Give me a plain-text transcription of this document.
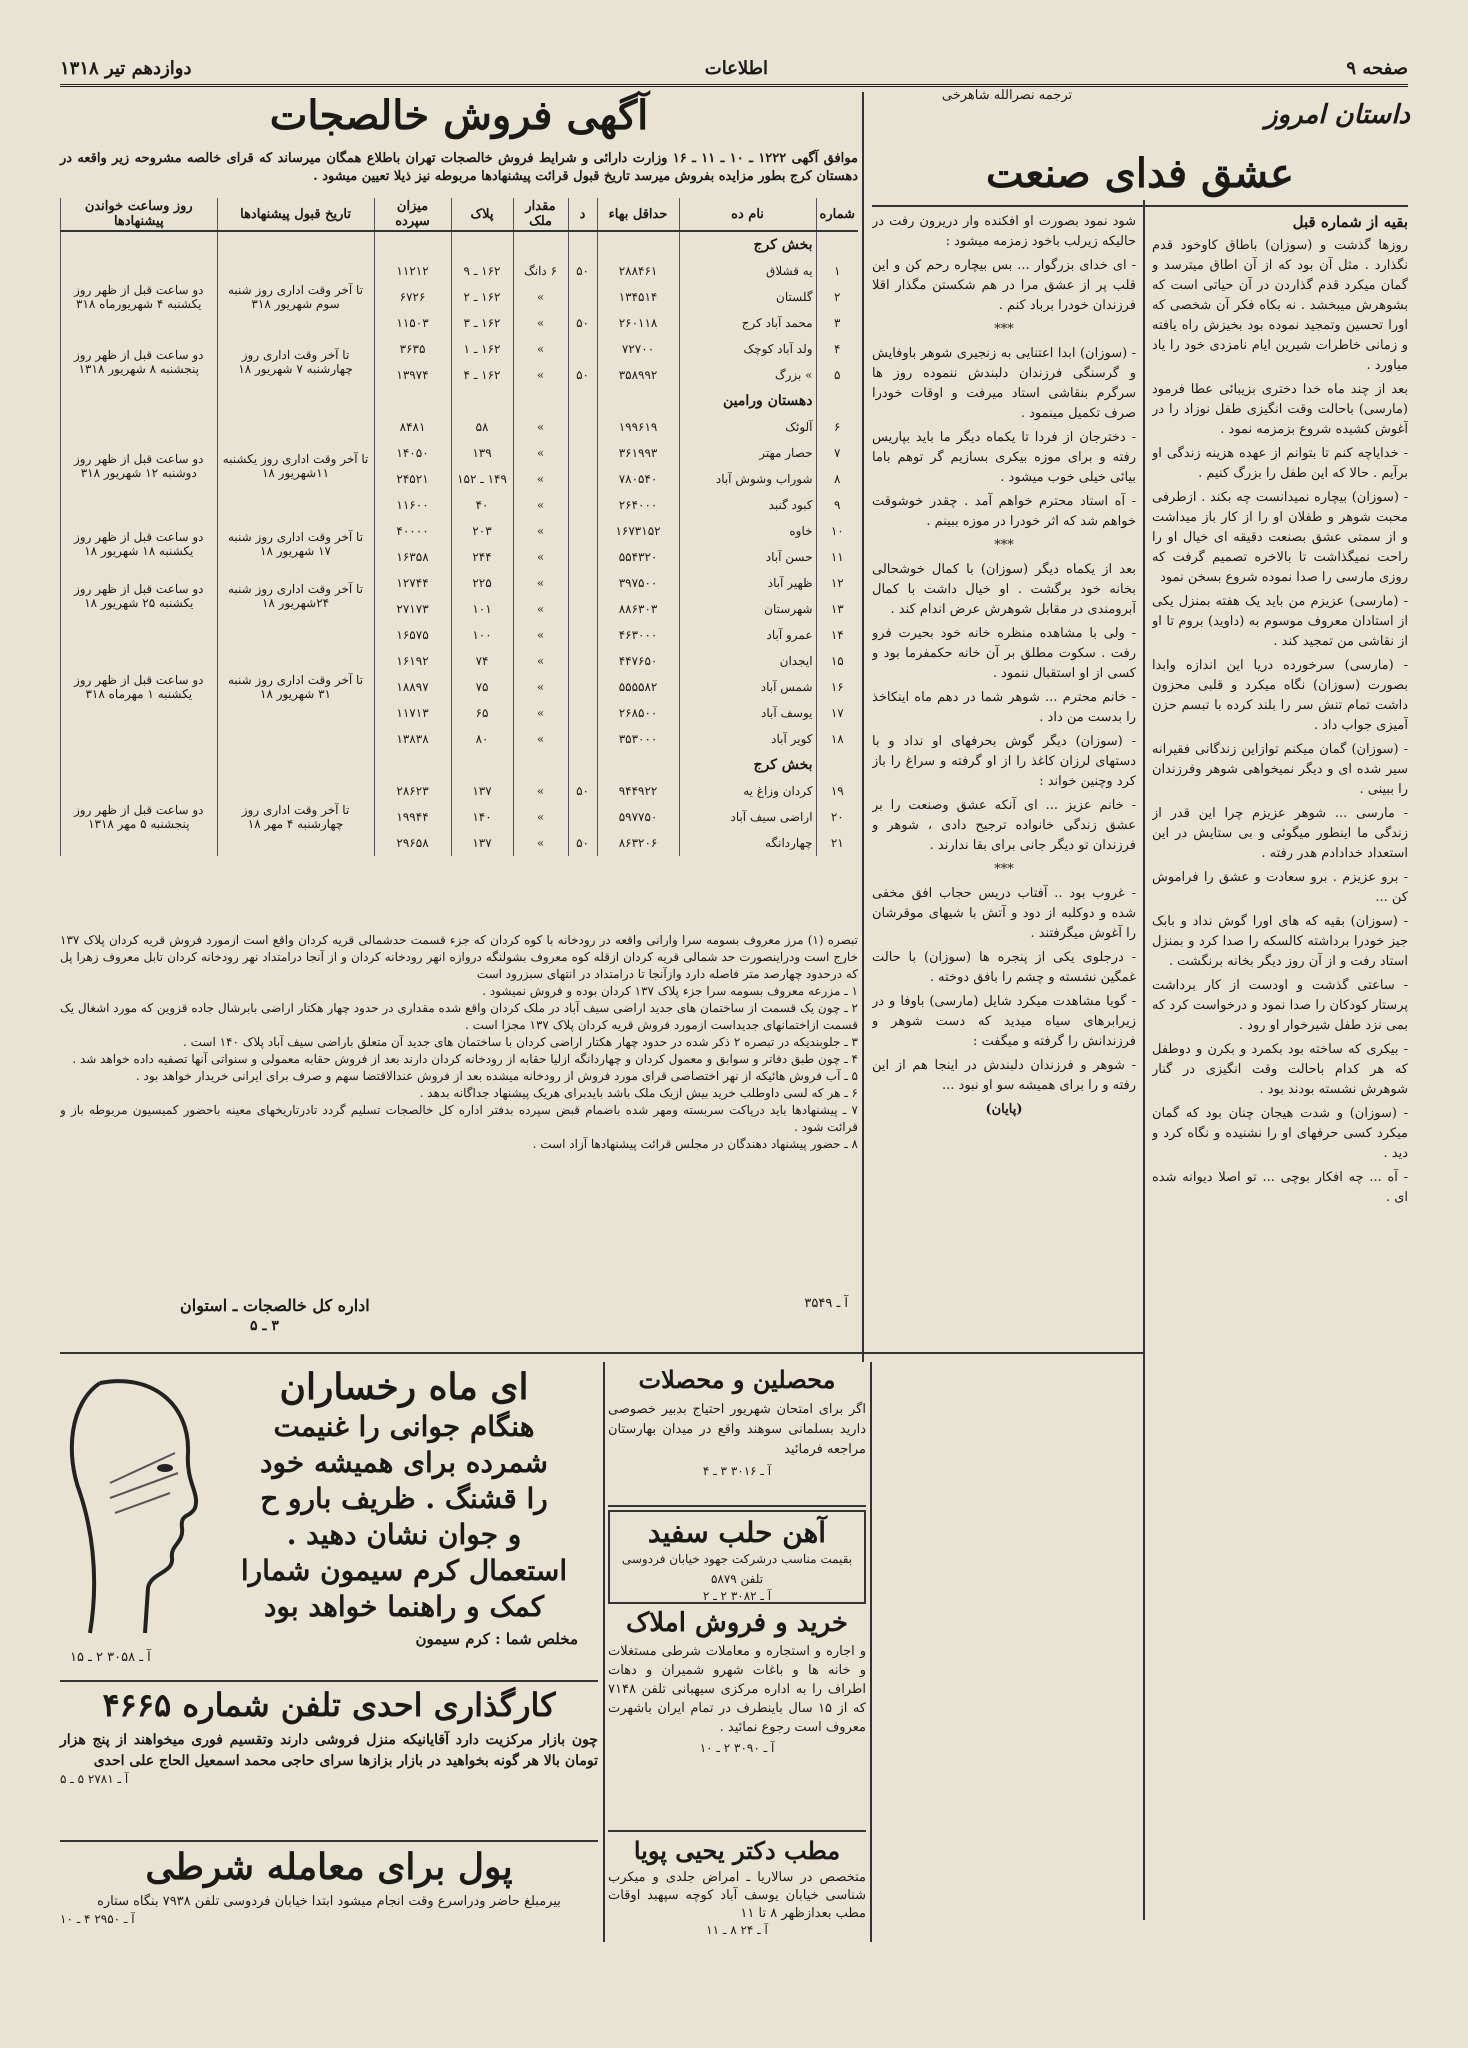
صفحه ۹
اطلاعات
دوازدهم تیر ۱۳۱۸
داستان امروز
ترجمه نصرالله شاهرخی
عشق فدای صنعت

بقیه از شماره قبل

روزها گذشت و (سوزان) باطاق کاوخود قدم نگذارد . مثل آن بود که از آن اطاق میترسد و گمان میکرد قدم گذاردن در آن حیاتی است که بشوهرش میبخشد . نه بکاه فکر آن شخصی که اورا تحسین وتمجید نموده بود بخیزش راه یافته و زمانی خاطرات شیرین ایام نامزدی خود را یاد میاورد .

بعد از چند ماه خدا دختری بزیبائی عطا فرمود (مارسی) باحالت وقت انگیزی طفل نوزاد را در آغوش کشیده شروع بزمزمه نمود .

- خدایاچه کنم تا بتوانم از عهده هزینه زندگی او برآیم . حالا که این طفل را بزرگ کنیم .

- (سوزان) بیچاره نمیدانست چه بکند . ازطرفی محبت شوهر و طفلان او را از کار باز میداشت و از سمتی عشق بصنعت دقیقه ای خیال او را راحت نمیگذاشت تا بالاخره تصمیم گرفت که روزی مارسی را صدا نموده شروع بسخن نمود

- (مارسی) عزیزم من باید یک هفته بمنزل یکی از استادان معروف موسوم به (داوید) بروم تا او از نقاشی من تمجید کند .

- (مارسی) سرخورده دریا این اندازه وابدا بصورت (سوزان) نگاه میکرد و قلبی محزون داشت تمام تنش سر را بلند کرده با تبسم حزن آمیزی جواب داد .

- (سوزان) گمان میکنم توازاین زندگانی فقیرانه سیر شده ای و دیگر نمیخواهی شوهر وفرزندان را ببینی .

- مارسی ... شوهر عزیزم چرا این قدر از زندگی ما اینطور میگوئی و بی ستایش در این استعداد خدادادم هدر رفته .

- برو عزیزم . برو سعادت و عشق را فراموش کن ...

- (سوزان) بقیه که های اورا گوش نداد و بابک جیز خودرا برداشته کالسکه را صدا کرد و بمنزل استاد رفت و از آن روز دیگر بخانه برنگشت .

- ساعتی گذشت و اودست از کار برداشت پرستار کودکان را صدا نمود و درخواست کرد که بمی نزد طفل شیرخوار او رود .

- بیکری که ساخته بود بکمرد و بکرن و دوطفل که هر کدام باحالت وقت انگیزی در گنار شوهرش نشسته بودند بود .

- (سوزان) و شدت هیجان چنان بود که گمان میکرد کسی حرفهای او را نشنیده و نگاه کرد و دید .

- آه ... چه افکار بوچی ... تو اصلا دیوانه شده ای .

شود نمود بصورت او افکنده وار دریرون رفت در حالیکه زیرلب باخود زمزمه میشود :

- ای خدای بزرگوار ... بس بیچاره رحم کن و این قلب پر از عشق مرا در هم شکستن مگذار اقلا فرزندان خودرا برباد کنم .

***

- (سوزان) ابدا اعتنایی به زنجیری شوهر باوفایش و گرسنگی فرزندان دلبندش ننموده روز ها سرگرم بنقاشی استاد میرفت و اوقات خودرا صرف تکمیل مینمود .

- دخترجان از فردا تا یکماه دیگر ما باید بپاریس رفته و برای موزه بیکری بسازیم گر توهم باما بیائی خیلی خوب میشود .

- آه استاد محترم خواهم آمد . چقدر خوشوقت خواهم شد که اثر خودرا در موزه ببینم .

***

بعد از یکماه دیگر (سوزان) با کمال خوشحالی بخانه خود برگشت . او خیال داشت با کمال آبرومندی در مقابل شوهرش عرض اندام کند .

- ولی با مشاهده منظره خانه خود بحیرت فرو رفت . سکوت مطلق بر آن خانه حکمفرما بود و کسی از او استقبال ننمود .

- خانم محترم ... شوهر شما در دهم ماه اینکاخذ را بدست من داد .

- (سوزان) دیگر گوش بحرفهای او نداد و با دستهای لرزان کاغذ را از او گرفته و سراغ را باز کرد وچنین خواند :

- خانم عزیز ... ای آنکه عشق وصنعت را بر عشق زندگی خانواده ترجیح دادی ، شوهر و فرزندان تو دیگر جانی برای بقا ندارند .

***

- غروب بود .. آفتاب دریس حجاب افق مخفی شده و دوکلبه از دود و آتش با شیهای موقرشان را آغوش میگرفتند .

- درجلوی یکی از پنجره ها (سوزان) با حالت غمگین نشسته و چشم را بافق دوخته .

- گویا مشاهدت میکرد شایل (مارسی) باوفا و در زیرابرهای سیاه میدید که دست شوهر و فرزندانش را گرفته و میگفت :

- شوهر و فرزندان دلبندش در اینجا هم از این رفته و را برای همیشه سو او نبود ...

(پایان)

آگهی فروش خالصجات
موافق آگهی ۱۲۲۲ ـ ۱۰ ـ ۱۱ ـ ۱۶ وزارت دارائی و شرایط فروش خالصجات تهران باطلاع همگان میرساند که قرای خالصه مشروحه زیر واقعه در دهستان کرج بطور مزایده بفروش میرسد تاریخ قبول قرائت پیشنهادها مربوطه نیز ذیلا تعیین میشود .
شماره	نام ده	حداقل بهاء	د	مقدار ملک	پلاک	میزان سپرده	تاریخ قبول پیشنهادها	روز وساعت خواندن پیشنهادها
	بخش کرج							
۱	یه قشلاق	۲۸۸۴۶۱	۵۰	۶ دانگ	۱۶۲ ـ ۹	۱۱۲۱۲	تا آخر وقت اداری روز شنبه سوم شهریور ۳۱۸	دو ساعت قبل از ظهر روز یکشنبه ۴ شهریورماه ۳۱۸
۲	گلستان	۱۳۴۵۱۴		»	۱۶۲ ـ ۲	۶۷۲۶		
۳	محمد آباد کرج	۲۶۰۱۱۸	۵۰	»	۱۶۲ ـ ۳	۱۱۵۰۳		
۴	ولد آباد کوچک	۷۲۷۰۰		»	۱۶۲ ـ ۱	۳۶۳۵	تا آخر وقت اداری روز چهارشنبه ۷ شهریور ۱۸	دو ساعت قبل از ظهر روز پنجشنبه ۸ شهریور ۱۳۱۸
۵	» بزرگ	۳۵۸۹۹۲	۵۰	»	۱۶۲ ـ ۴	۱۳۹۷۴		
	دهستان ورامین							
۶	آلوئک	۱۹۹۶۱۹		»	۵۸	۸۴۸۱	تا آخر وقت اداری روز یکشنبه ۱۱شهریور ۱۸	دو ساعت قبل از ظهر روز دوشنبه ۱۲ شهریور ۳۱۸
۷	حصار مهتر	۳۶۱۹۹۳		»	۱۳۹	۱۴۰۵۰		
۸	شوراب وشوش آباد	۷۸۰۵۴۰		»	۱۴۹ ـ ۱۵۲	۲۴۵۲۱		
۹	کبود گنبد	۲۶۴۰۰۰		»	۴۰	۱۱۶۰۰		
۱۰	خاوه	۱۶۷۳۱۵۲		»	۲۰۳	۴۰۰۰۰	تا آخر وقت اداری روز شنبه ۱۷ شهریور ۱۸	دو ساعت قبل از ظهر روز یکشنبه ۱۸ شهریور ۱۸
۱۱	حسن آباد	۵۵۴۳۲۰		»	۲۴۴	۱۶۳۵۸		
۱۲	ظهیر آباد	۳۹۷۵۰۰		»	۲۲۵	۱۲۷۴۴	تا آخر وقت اداری روز شنبه ۲۴شهریور ۱۸	دو ساعت قبل از ظهر روز یکشنبه ۲۵ شهریور ۱۸
۱۳	شهرستان	۸۸۶۳۰۳		»	۱۰۱	۲۷۱۷۳		
۱۴	عمرو آباد	۴۶۳۰۰۰		»	۱۰۰	۱۶۵۷۵	تا آخر وقت اداری روز شنبه ۳۱ شهریور ۱۸	دو ساعت قبل از ظهر روز یکشنبه ۱ مهرماه ۳۱۸
۱۵	ایجدان	۴۴۷۶۵۰		»	۷۴	۱۶۱۹۲		
۱۶	شمس آباد	۵۵۵۵۸۲		»	۷۵	۱۸۸۹۷		
۱۷	یوسف آباد	۲۶۸۵۰۰		»	۶۵	۱۱۷۱۳		
۱۸	کویر آباد	۳۵۳۰۰۰		»	۸۰	۱۳۸۳۸		
	بخش کرج							
۱۹	کردان وزاغ یه	۹۴۴۹۲۲	۵۰	»	۱۳۷	۲۸۶۲۳	تا آخر وقت اداری روز چهارشنبه ۴ مهر ۱۸	دو ساعت قبل از ظهر روز پنجشنبه ۵ مهر ۱۳۱۸
۲۰	اراضی سیف آباد	۵۹۷۷۵۰		»	۱۴۰	۱۹۹۴۴		
۲۱	چهاردانگه	۸۶۳۲۰۶	۵۰	»	۱۳۷	۲۹۶۵۸		
تبصره (۱) مرز معروف بسومه سرا وارانی واقعه در رودخانه با کوه کردان که جزء قسمت حدشمالی قریه کردان واقع است ازمورد فروش قریه کردان پلاک ۱۳۷ خارج است ودراینصورت حد شمالی قریه کردان ازقله کوه معروف بشولنگه دروازه انهر رودخانه کردان و از آنجا درامتداد نهر رودخانه کردان تابل معروف زهرا پل که درحدود چهارصد متر فاصله دارد وازآنجا تا درامتداد در انتهای سبزرود است
۱ ـ مزرعه معروف بسومه سرا جزء پلاک ۱۳۷ کردان بوده و فروش نمیشود .
۲ ـ چون یک قسمت از ساختمان های جدید اراضی سیف آباد در ملک کردان واقع شده مقداری در حدود چهار هکتار اراضی بابرشال جاده قزوین که مورد اشغال یک قسمت ازاختمانهای جدیداست ازمورد فروش قریه کردان پلاک ۱۳۷ مجزا است .
۳ ـ جلوبندیکه در تبصره ۲ ذکر شده در حدود چهار هکتار اراضی کردان با ساختمان های جدید آن متعلق باراضی سیف آباد پلاک ۱۴۰ است .
۴ ـ چون طبق دفاتر و سوابق و معمول کردان و چهاردانگه ازلیا حقابه از رودخانه کردان دارند بعد از فروش حقابه معمولی و سنواتی آنها تصفیه داده خواهد شد .
۵ ـ آب فروش هائیکه از نهر اختصاصی قرای مورد فروش از رودخانه میشده بعد از فروش عندالاقتضا سهم و صرف برای ایرانی خریدار خواهد بود .
۶ ـ هر که لسی داوطلب خرید بیش ازیک ملک باشد بایدبرای هریک پیشنهاد جداگانه بدهد .
۷ ـ پیشنهادها باید درپاکت سربسته ومهر شده باضمام قبض سپرده بدفتر اداره کل خالصجات تسلیم گردد تادرتاریخهای معینه باحضور کمیسیون مربوطه باز و قرائت شود .
۸ ـ حضور پیشنهاد دهندگان در مجلس قرائت پیشنهادها آزاد است .
آ ـ ۳۵۴۹
اداره کل خالصجات ـ استوان
۳ ـ ۵
ای ماه رخساران
هنگام جوانی را غنیمت
شمرده برای همیشه خود
را قشنگ . ظریف بارو ح
و جوان نشان دهید .
استعمال کرم سیمون شمارا
کمک و راهنما خواهد بود
مخلص شما : کرم سیمون
آ ـ ۳۰۵۸ ۲ ـ ۱۵
محصلین و محصلات
اگر برای امتحان شهریور احتیاج بدبیر خصوصی دارید بسلمانی سوهند واقع در میدان بهارستان مراجعه فرمائید
آ ـ ۳۰۱۶ ۳ ـ ۴
آهن حلب سفید
بقیمت مناسب درشرکت جهود خیابان فردوسی تلفن ۵۸۷۹
آ ـ ۳۰۸۲ ۲ ـ ۲
خرید و فروش املاک
و اجاره و استجاره و معاملات شرطی مستغلات و خانه ها و باغات شهرو شمیران و دهات اطراف را به اداره مرکزی سیهبانی تلفن ۷۱۴۸ که از ۱۵ سال باینطرف در تمام ایران باشهرت معروف است رجوع نمائید .
آ ـ ۳۰۹۰ ۲ ـ ۱۰
مطب دکتر یحیی پویا
متخصص در سالاریا ـ امراض جلدی و میکرب شناسی خیابان یوسف آباد کوچه سپهبد اوقات مطب بعدازظهر ۸ تا ۱۱
آ ـ ۲۴ ۸ ـ ۱۱
کارگذاری احدی تلفن شماره ۴۶۶۵
چون بازار مرکزیت دارد آقایانیکه منزل فروشی دارند وتقسیم فوری میخواهند از پنج هزار تومان بالا هر گونه بخواهید در بازار بزازها سرای حاجی محمد اسمعیل الحاج علی احدی
آ ـ ۲۷۸۱ ۵ ـ ۵
پول برای معامله شرطی
بیرمبلغ حاضر ودراسرع وقت انجام میشود ابتدا خیابان فردوسی تلفن ۷۹۳۸ بنگاه ستاره
آ ـ ۲۹۵۰ ۴ ـ ۱۰
